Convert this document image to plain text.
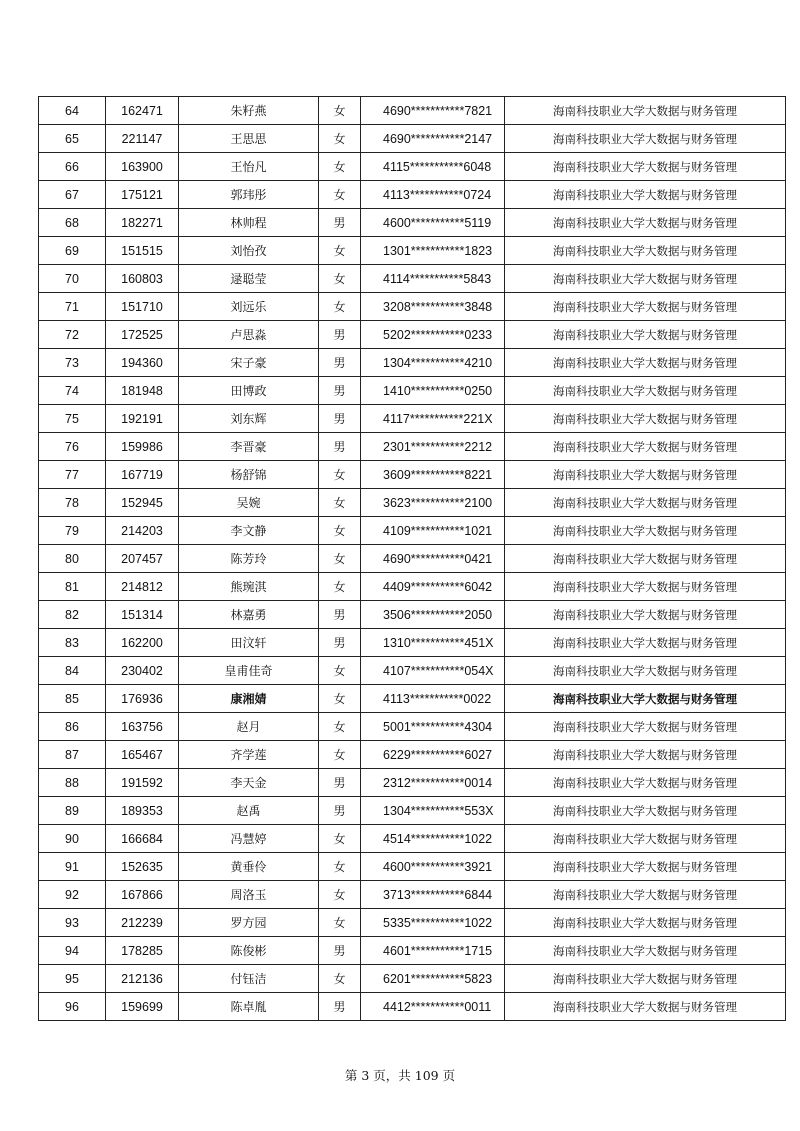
64	162471	朱籽燕	女	4690***********7821	海南科技职业大学大数据与财务管理
65	221147	王思思	女	4690***********2147	海南科技职业大学大数据与财务管理
66	163900	王怡凡	女	4115***********6048	海南科技职业大学大数据与财务管理
67	175121	郭玮彤	女	4113***********0724	海南科技职业大学大数据与财务管理
68	182271	林帅程	男	4600***********5119	海南科技职业大学大数据与财务管理
69	151515	刘怡孜	女	1301***********1823	海南科技职业大学大数据与财务管理
70	160803	逯聪莹	女	4114***********5843	海南科技职业大学大数据与财务管理
71	151710	刘远乐	女	3208***********3848	海南科技职业大学大数据与财务管理
72	172525	卢思淼	男	5202***********0233	海南科技职业大学大数据与财务管理
73	194360	宋子豪	男	1304***********4210	海南科技职业大学大数据与财务管理
74	181948	田博政	男	1410***********0250	海南科技职业大学大数据与财务管理
75	192191	刘东辉	男	4117***********221X	海南科技职业大学大数据与财务管理
76	159986	李晋豪	男	2301***********2212	海南科技职业大学大数据与财务管理
77	167719	杨舒锦	女	3609***********8221	海南科技职业大学大数据与财务管理
78	152945	吴婉	女	3623***********2100	海南科技职业大学大数据与财务管理
79	214203	李文静	女	4109***********1021	海南科技职业大学大数据与财务管理
80	207457	陈芳玲	女	4690***********0421	海南科技职业大学大数据与财务管理
81	214812	熊琬淇	女	4409***********6042	海南科技职业大学大数据与财务管理
82	151314	林嘉勇	男	3506***********2050	海南科技职业大学大数据与财务管理
83	162200	田汶轩	男	1310***********451X	海南科技职业大学大数据与财务管理
84	230402	皇甫佳奇	女	4107***********054X	海南科技职业大学大数据与财务管理
85	176936	康湘婧	女	4113***********0022	海南科技职业大学大数据与财务管理
86	163756	赵月	女	5001***********4304	海南科技职业大学大数据与财务管理
87	165467	齐学莲	女	6229***********6027	海南科技职业大学大数据与财务管理
88	191592	李天金	男	2312***********0014	海南科技职业大学大数据与财务管理
89	189353	赵禹	男	1304***********553X	海南科技职业大学大数据与财务管理
90	166684	冯慧婷	女	4514***********1022	海南科技职业大学大数据与财务管理
91	152635	黄垂伶	女	4600***********3921	海南科技职业大学大数据与财务管理
92	167866	周洛玉	女	3713***********6844	海南科技职业大学大数据与财务管理
93	212239	罗方园	女	5335***********1022	海南科技职业大学大数据与财务管理
94	178285	陈俊彬	男	4601***********1715	海南科技职业大学大数据与财务管理
95	212136	付钰洁	女	6201***********5823	海南科技职业大学大数据与财务管理
96	159699	陈卓胤	男	4412***********0011	海南科技职业大学大数据与财务管理
第 3 页，共 109 页
